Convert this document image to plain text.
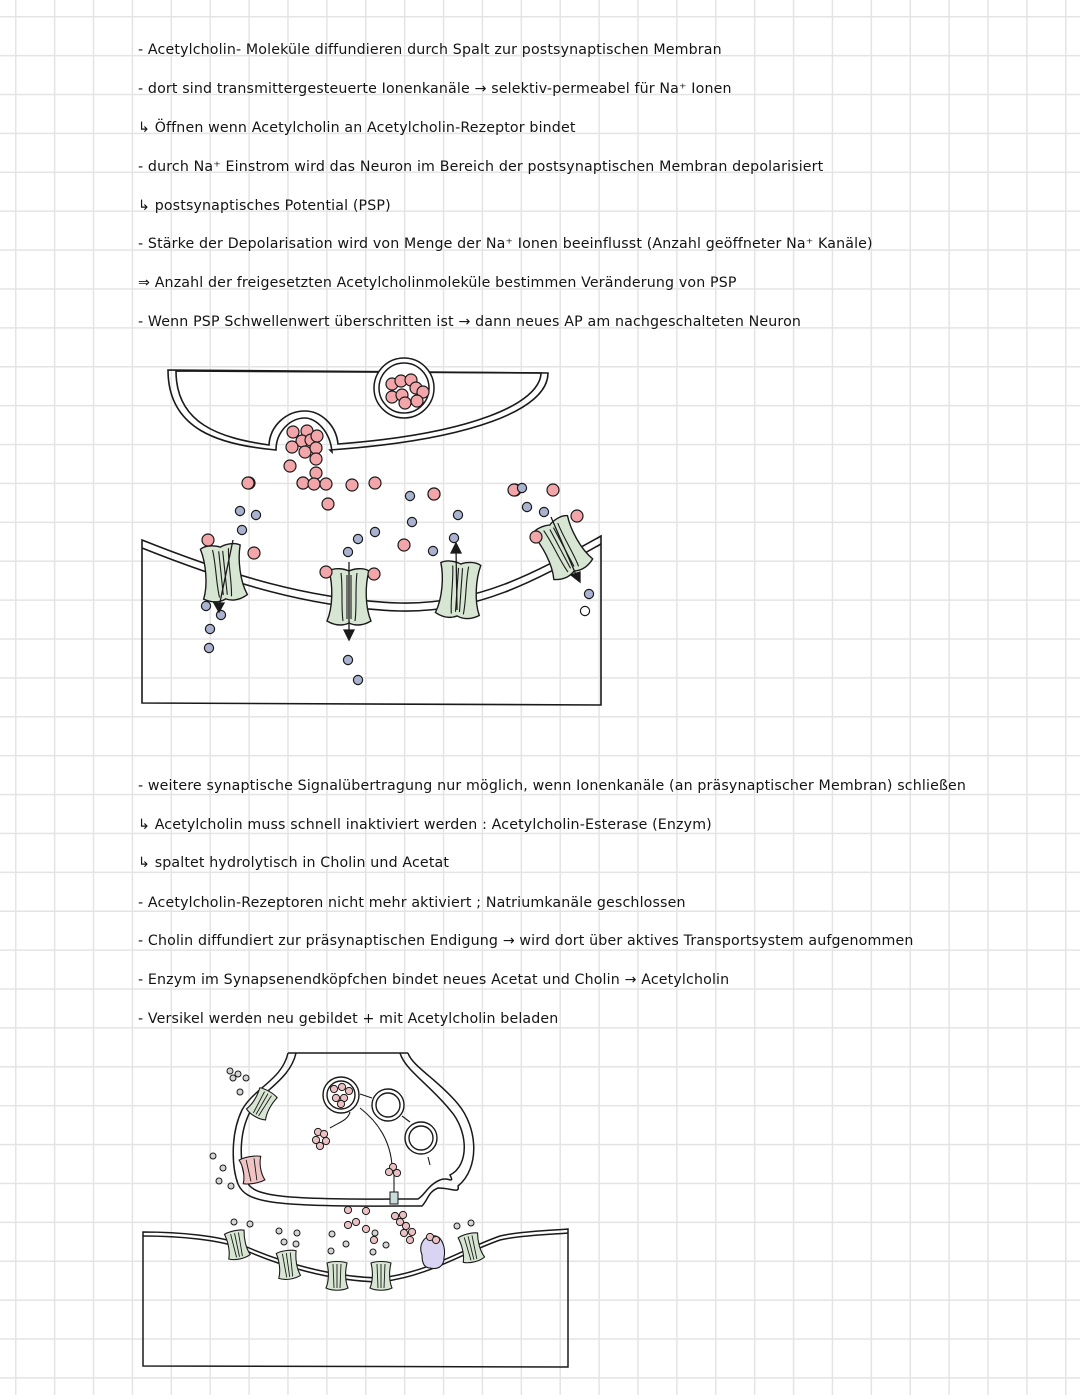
- Acetylcholin- Moleküle diffundieren durch Spalt zur postsynaptischen Membran
- dort sind transmittergesteuerte Ionenkanäle → selektiv-permeabel für Na⁺ Ionen
↳ Öffnen wenn Acetylcholin an Acetylcholin-Rezeptor bindet
- durch Na⁺ Einstrom wird das Neuron im Bereich der postsynaptischen Membran depolarisiert
↳ postsynaptisches Potential (PSP)
- Stärke der Depolarisation wird von Menge der Na⁺ Ionen beeinflusst (Anzahl geöffneter Na⁺ Kanäle)
⇒ Anzahl der freigesetzten Acetylcholinmoleküle bestimmen Veränderung von PSP
- Wenn PSP Schwellenwert überschritten ist → dann neues AP am nachgeschalteten Neuron
- weitere synaptische Signalübertragung nur möglich, wenn Ionenkanäle (an präsynaptischer Membran) schließen
↳ Acetylcholin muss schnell inaktiviert werden : Acetylcholin-Esterase (Enzym)
↳ spaltet hydrolytisch in Cholin und Acetat
- Acetylcholin-Rezeptoren nicht mehr aktiviert ; Natriumkanäle geschlossen
- Cholin diffundiert zur präsynaptischen Endigung → wird dort über aktives Transportsystem aufgenommen
- Enzym im Synapsenendköpfchen bindet neues Acetat und Cholin → Acetylcholin
- Versikel werden neu gebildet + mit Acetylcholin beladen
